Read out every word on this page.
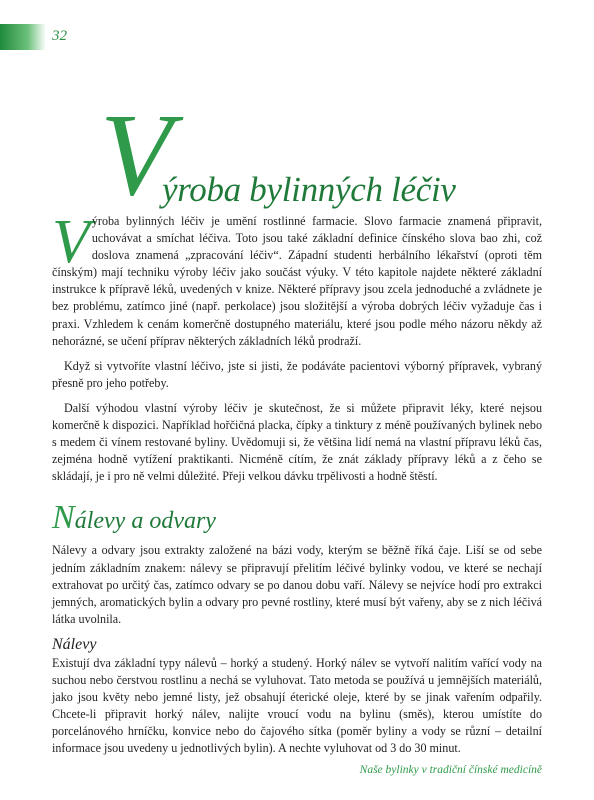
32
V
ýroba bylinných léčiv

Výroba bylinných léčiv je umění rostlinné farmacie. Slovo farmacie znamená připravit, uchovávat a smíchat léčiva. Toto jsou také základní definice čínského slova bao zhi, což doslova znamená „zpracování léčiv“. Západní studenti herbálního lékařství (oproti těm čínským) mají techniku výroby léčiv jako součást výuky. V této kapitole najdete některé základní instrukce k přípravě léků, uvedených v knize. Některé přípravy jsou zcela jednoduché a zvládnete je bez problému, zatímco jiné (např. perkolace) jsou složitější a výroba dobrých léčiv vyžaduje čas i praxi. Vzhledem k cenám komerčně dostupného materiálu, které jsou podle mého názoru někdy až nehorázné, se učení příprav některých základních léků prodraží.

Když si vytvoříte vlastní léčivo, jste si jisti, že podáváte pacientovi výborný přípravek, vybraný přesně pro jeho potřeby.

Další výhodou vlastní výroby léčiv je skutečnost, že si můžete připravit léky, které nejsou komerčně k dispozici. Například hořčičná placka, čípky a tinktury z méně používaných bylinek nebo s medem či vínem restované byliny. Uvědomuji si, že většina lidí nemá na vlastní přípravu léků čas, zejména hodně vytížení praktikanti. Nicméně cítím, že znát základy přípravy léků a z čeho se skládají, je i pro ně velmi důležité. Přeji velkou dávku trpělivosti a hodně štěstí.

Nálevy a odvary

Nálevy a odvary jsou extrakty založené na bázi vody, kterým se běžně říká čaje. Liší se od sebe jedním základním znakem: nálevy se připravují přelitím léčivé bylinky vodou, ve které se nechají extrahovat po určitý čas, zatímco odvary se po danou dobu vaří. Nálevy se nejvíce hodí pro extrakci jemných, aromatických bylin a odvary pro pevné rostliny, které musí být vařeny, aby se z nich léčivá látka uvolnila.

Nálevy

Existují dva základní typy nálevů – horký a studený. Horký nálev se vytvoří nalitím vařící vody na suchou nebo čerstvou rostlinu a nechá se vyluhovat. Tato metoda se používá u jemnějších materiálů, jako jsou květy nebo jemné listy, jež obsahují éterické oleje, které by se jinak vařením odpařily. Chcete-li připravit horký nálev, nalijte vroucí vodu na bylinu (směs), kterou umístíte do porcelánového hrníčku, konvice nebo do čajového sítka (poměr byliny a vody se různí – detailní informace jsou uvedeny u jednotlivých bylin). A nechte vyluhovat od 3 do 30 minut.

Naše bylinky v tradiční čínské medicíně
